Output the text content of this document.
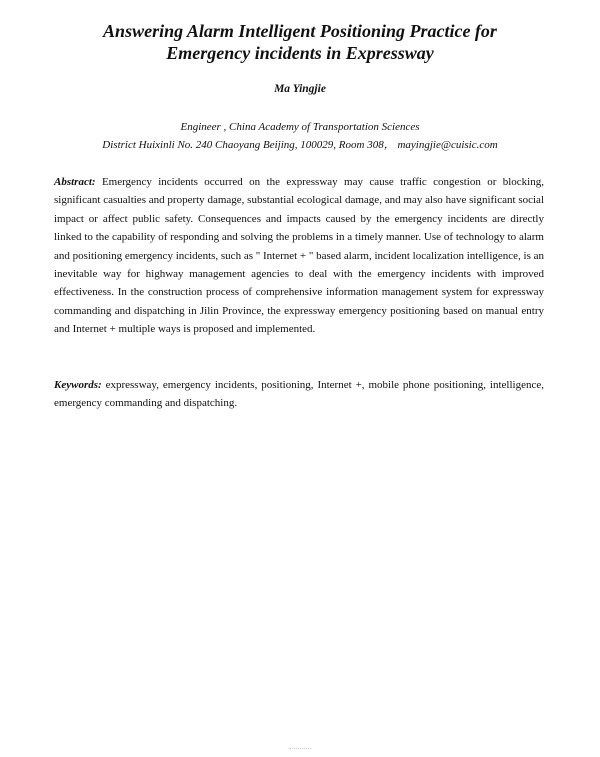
Answering Alarm Intelligent Positioning Practice for
Emergency incidents in Expressway
Ma Yingjie
Engineer , China Academy of Transportation Sciences
District Huixinli No. 240 Chaoyang Beijing, 100029, Room 308， mayingjie@cuisic.com

Abstract: Emergency incidents occurred on the expressway may cause traffic congestion or blocking, significant casualties and property damage, substantial ecological damage, and may also have significant social impact or affect public safety. Consequences and impacts caused by the emergency incidents are directly linked to the capability of responding and solving the problems in a timely manner. Use of technology to alarm and positioning emergency incidents, such as " Internet + " based alarm, incident localization intelligence, is an inevitable way for highway management agencies to deal with the emergency incidents with improved effectiveness. In the construction process of comprehensive information management system for expressway commanding and dispatching in Jilin Province, the expressway emergency positioning based on manual entry and Internet + multiple ways is proposed and implemented.

Keywords: expressway, emergency incidents, positioning, Internet +, mobile phone positioning, intelligence, emergency commanding and dispatching.
